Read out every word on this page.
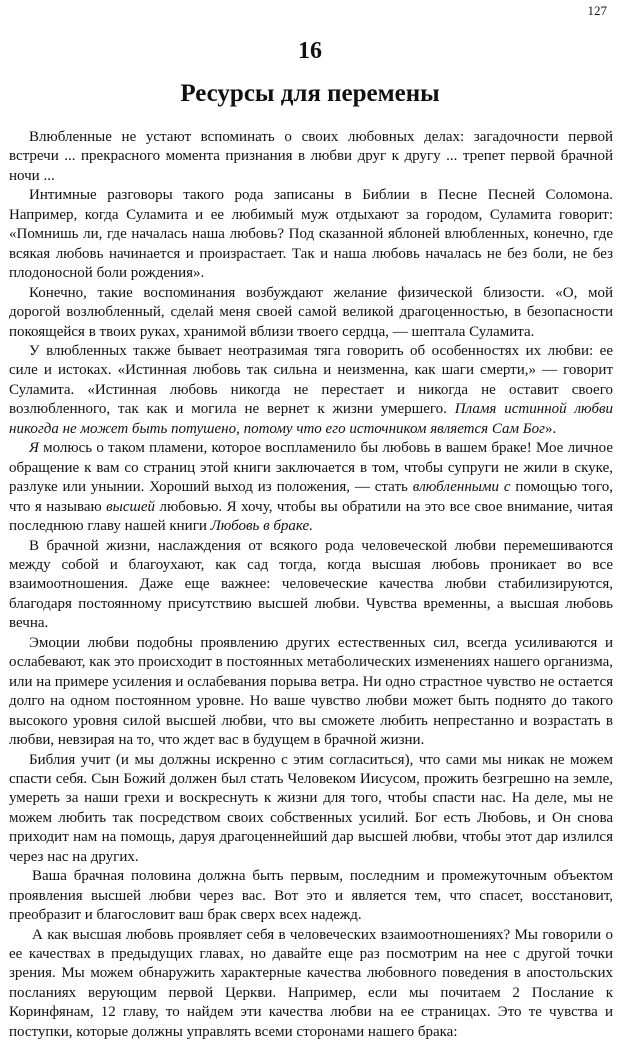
127
16
Ресурсы для перемены

Влюбленные не устают вспоминать о своих любовных делах: загадочности первой встречи ... прекрасного момента признания в любви друг к другу ... трепет первой брачной ночи ...

Интимные разговоры такого рода записаны в Библии в Песне Песней Соломона. Например, когда Суламита и ее любимый муж отдыхают за городом, Суламита говорит: «Помнишь ли, где началась наша любовь? Под сказанной яблоней влюбленных, конечно, где всякая любовь начинается и произрастает. Так и наша любовь началась не без боли, не без плодоносной боли рождения».

Конечно, такие воспоминания возбуждают желание физической близости. «О, мой дорогой возлюбленный, сделай меня своей самой великой драгоценностью, в безопасности покоящейся в твоих руках, хранимой вблизи твоего сердца, — шептала Суламита.

У влюбленных также бывает неотразимая тяга говорить об особенностях их любви: ее силе и истоках. «Истинная любовь так сильна и неизменна, как шаги смерти,» — говорит Суламита. «Истинная любовь никогда не перестает и никогда не оставит своего возлюбленного, так как и могила не вернет к жизни умершего. Пламя истинной любви никогда не может быть потушено, потому что его источником является Сам Бог».

Я молюсь о таком пламени, которое воспламенило бы любовь в вашем браке! Мое личное обращение к вам со страниц этой книги заключается в том, чтобы супруги не жили в скуке, разлуке или унынии. Хороший выход из положения, — стать влюбленными с помощью того, что я называю высшей любовью. Я хочу, чтобы вы обратили на это все свое внимание, читая последнюю главу нашей книги Любовь в браке.

В брачной жизни, наслаждения от всякого рода человеческой любви перемешиваются между собой и благоухают, как сад тогда, когда высшая любовь проникает во все взаимоотношения. Даже еще важнее: человеческие качества любви стабилизируются, благодаря постоянному присутствию высшей любви. Чувства временны, а высшая любовь вечна.

Эмоции любви подобны проявлению других естественных сил, всегда усиливаются и ослабевают, как это происходит в постоянных метаболических изменениях нашего организма, или на примере усиления и ослабевания порыва ветра. Ни одно страстное чувство не остается долго на одном постоянном уровне. Но ваше чувство любви может быть поднято до такого высокого уровня силой высшей любви, что вы сможете любить непрестанно и возрастать в любви, невзирая на то, что ждет вас в будущем в брачной жизни.

Библия учит (и мы должны искренно с этим согласиться), что сами мы никак не можем спасти себя. Сын Божий должен был стать Человеком Иисусом, прожить безгрешно на земле, умереть за наши грехи и воскреснуть к жизни для того, чтобы спасти нас. На деле, мы не можем любить так посредством своих собственных усилий. Бог есть Любовь, и Он снова приходит нам на помощь, даруя драгоценнейший дар высшей любви, чтобы этот дар излился через нас на других.

Ваша брачная половина должна быть первым, последним и промежуточным объектом проявления высшей любви через вас. Вот это и является тем, что спасет, восстановит, преобразит и благословит ваш брак сверх всех надежд.

А как высшая любовь проявляет себя в человеческих взаимоотношениях? Мы говорили о ее качествах в предыдущих главах, но давайте еще раз посмотрим на нее с другой точки зрения. Мы можем обнаружить характерные качества любовного поведения в апостольских посланиях верующим первой Церкви. Например, если мы почитаем 2 Послание к Коринфянам, 12 главу, то найдем эти качества любви на ее страницах. Это те чувства и поступки, которые должны управлять всеми сторонами нашего брака:
